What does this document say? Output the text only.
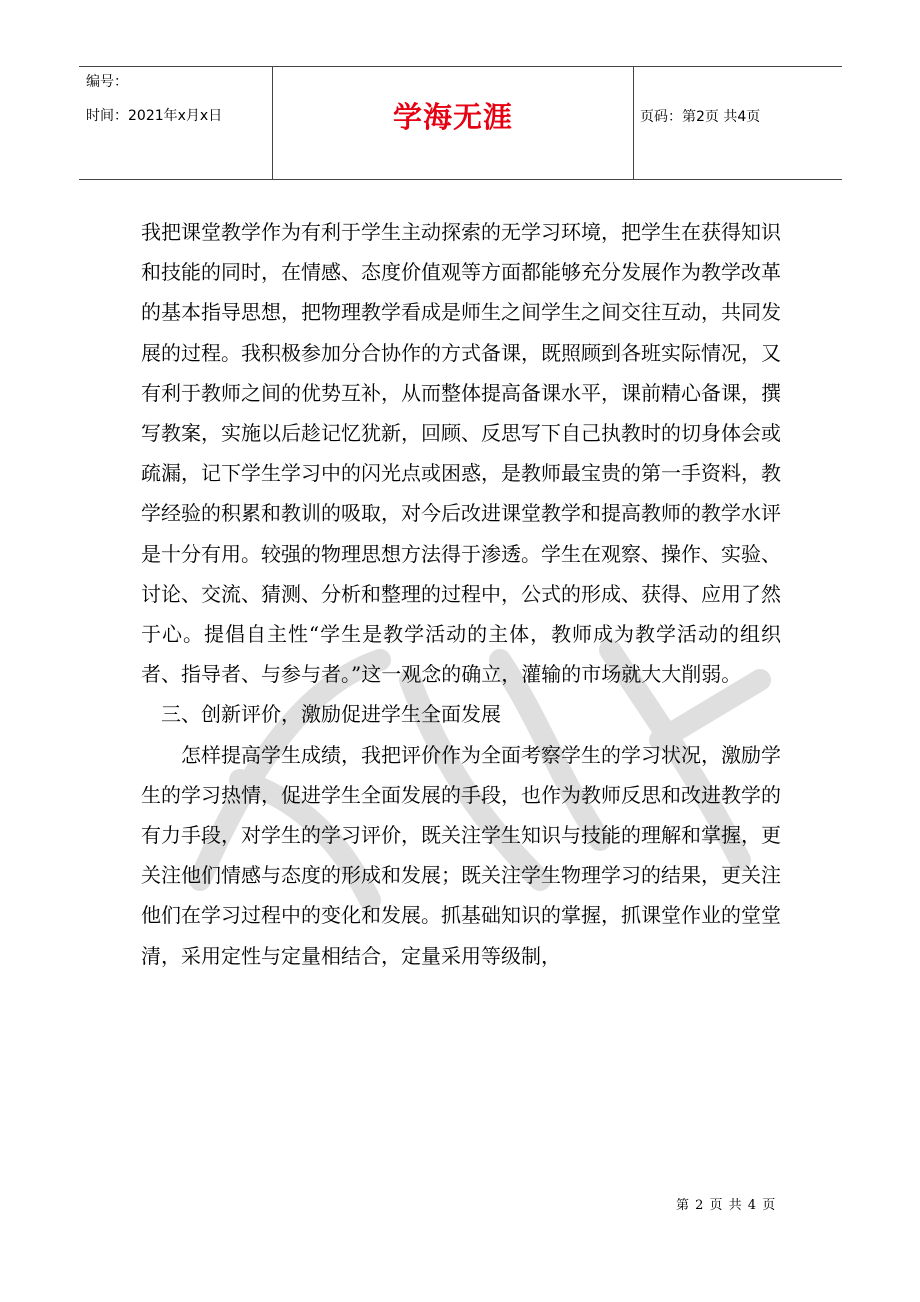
编号：
时间：2021年x月x日	学海无涯	页码：第2页 共4页

我把课堂教学作为有利于学生主动探索的无学习环境，把学生在获得知识和技能的同时，在情感、态度价值观等方面都能够充分发展作为教学改革的基本指导思想，把物理教学看成是师生之间学生之间交往互动，共同发展的过程。我积极参加分合协作的方式备课，既照顾到各班实际情况，又有利于教师之间的优势互补，从而整体提高备课水平，课前精心备课，撰写教案，实施以后趁记忆犹新，回顾、反思写下自己执教时的切身体会或疏漏，记下学生学习中的闪光点或困惑，是教师最宝贵的第一手资料，教学经验的积累和教训的吸取，对今后改进课堂教学和提高教师的教学水评是十分有用。较强的物理思想方法得于渗透。学生在观察、操作、实验、讨论、交流、猜测、分析和整理的过程中，公式的形成、获得、应用了然于心。提倡自主性“学生是教学活动的主体，教师成为教学活动的组织者、指导者、与参与者。”这一观念的确立，灌输的市场就大大削弱。

三、创新评价，激励促进学生全面发展

怎样提高学生成绩，我把评价作为全面考察学生的学习状况，激励学生的学习热情，促进学生全面发展的手段，也作为教师反思和改进教学的有力手段，对学生的学习评价，既关注学生知识与技能的理解和掌握，更关注他们情感与态度的形成和发展；既关注学生物理学习的结果，更关注他们在学习过程中的变化和发展。抓基础知识的掌握，抓课堂作业的堂堂清，采用定性与定量相结合，定量采用等级制，

第 2 页 共 4 页
